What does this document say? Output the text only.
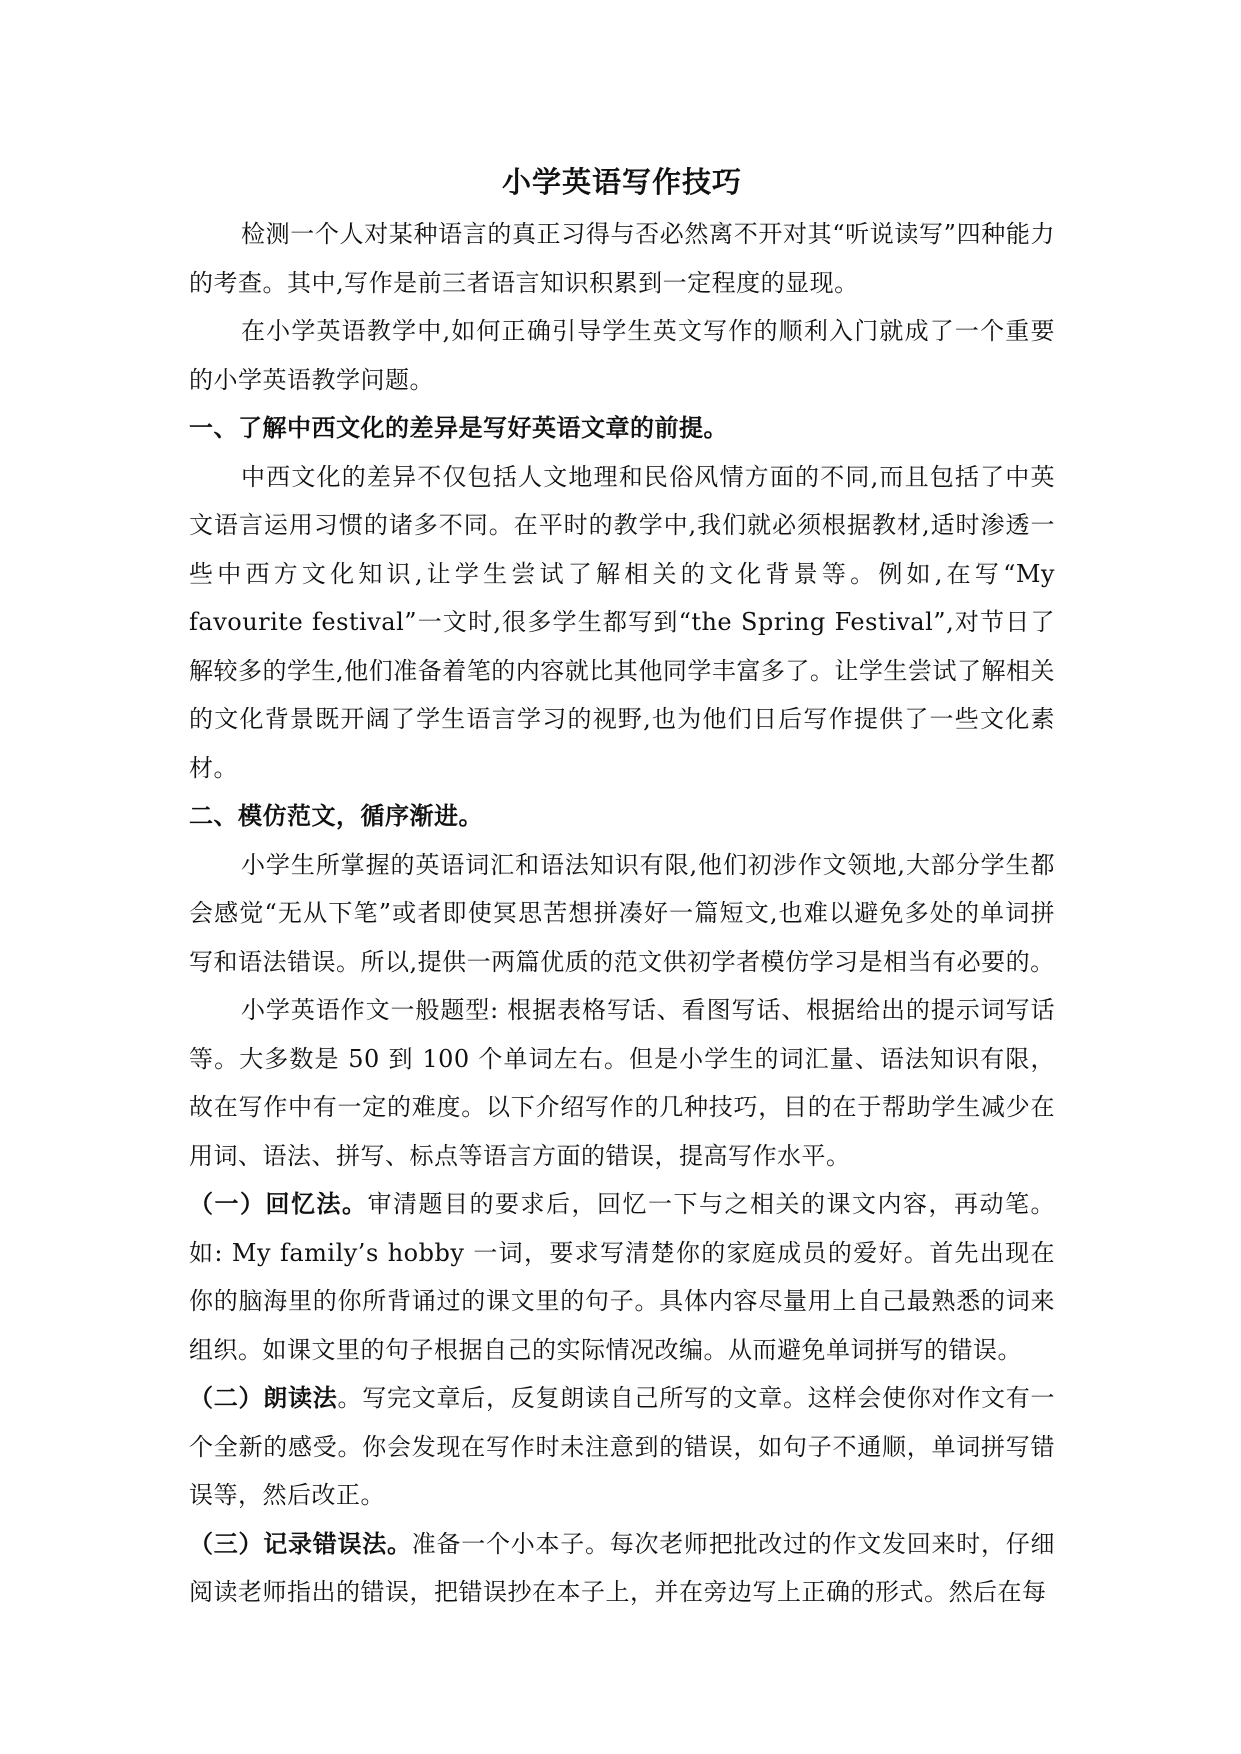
小学英语写作技巧

检测一个人对某种语言的真正习得与否必然离不开对其“听说读写”四种能力的考查。其中,写作是前三者语言知识积累到一定程度的显现。

在小学英语教学中,如何正确引导学生英文写作的顺利入门就成了一个重要的小学英语教学问题。

一、了解中西文化的差异是写好英语文章的前提。

中西文化的差异不仅包括人文地理和民俗风情方面的不同,而且包括了中英文语言运用习惯的诸多不同。在平时的教学中,我们就必须根据教材,适时渗透一些中西方文化知识,让学生尝试了解相关的文化背景等。例如,在写“My favourite festival”一文时,很多学生都写到“the Spring Festival”,对节日了解较多的学生,他们准备着笔的内容就比其他同学丰富多了。让学生尝试了解相关的文化背景既开阔了学生语言学习的视野,也为他们日后写作提供了一些文化素材。

二、模仿范文，循序渐进。

小学生所掌握的英语词汇和语法知识有限,他们初涉作文领地,大部分学生都会感觉“无从下笔”或者即使冥思苦想拼凑好一篇短文,也难以避免多处的单词拼写和语法错误。所以,提供一两篇优质的范文供初学者模仿学习是相当有必要的。

小学英语作文一般题型: 根据表格写话、看图写话、根据给出的提示词写话等。大多数是 50 到 100 个单词左右。但是小学生的词汇量、语法知识有限，故在写作中有一定的难度。以下介绍写作的几种技巧，目的在于帮助学生减少在用词、语法、拼写、标点等语言方面的错误，提高写作水平。

（一）回忆法。审清题目的要求后，回忆一下与之相关的课文内容，再动笔。如: My family’s hobby 一词，要求写清楚你的家庭成员的爱好。首先出现在你的脑海里的你所背诵过的课文里的句子。具体内容尽量用上自己最熟悉的词来组织。如课文里的句子根据自己的实际情况改编。从而避免单词拼写的错误。

（二）朗读法。写完文章后，反复朗读自己所写的文章。这样会使你对作文有一个全新的感受。你会发现在写作时未注意到的错误，如句子不通顺，单词拼写错误等，然后改正。

（三）记录错误法。准备一个小本子。每次老师把批改过的作文发回来时，仔细阅读老师指出的错误，把错误抄在本子上，并在旁边写上正确的形式。然后在每
